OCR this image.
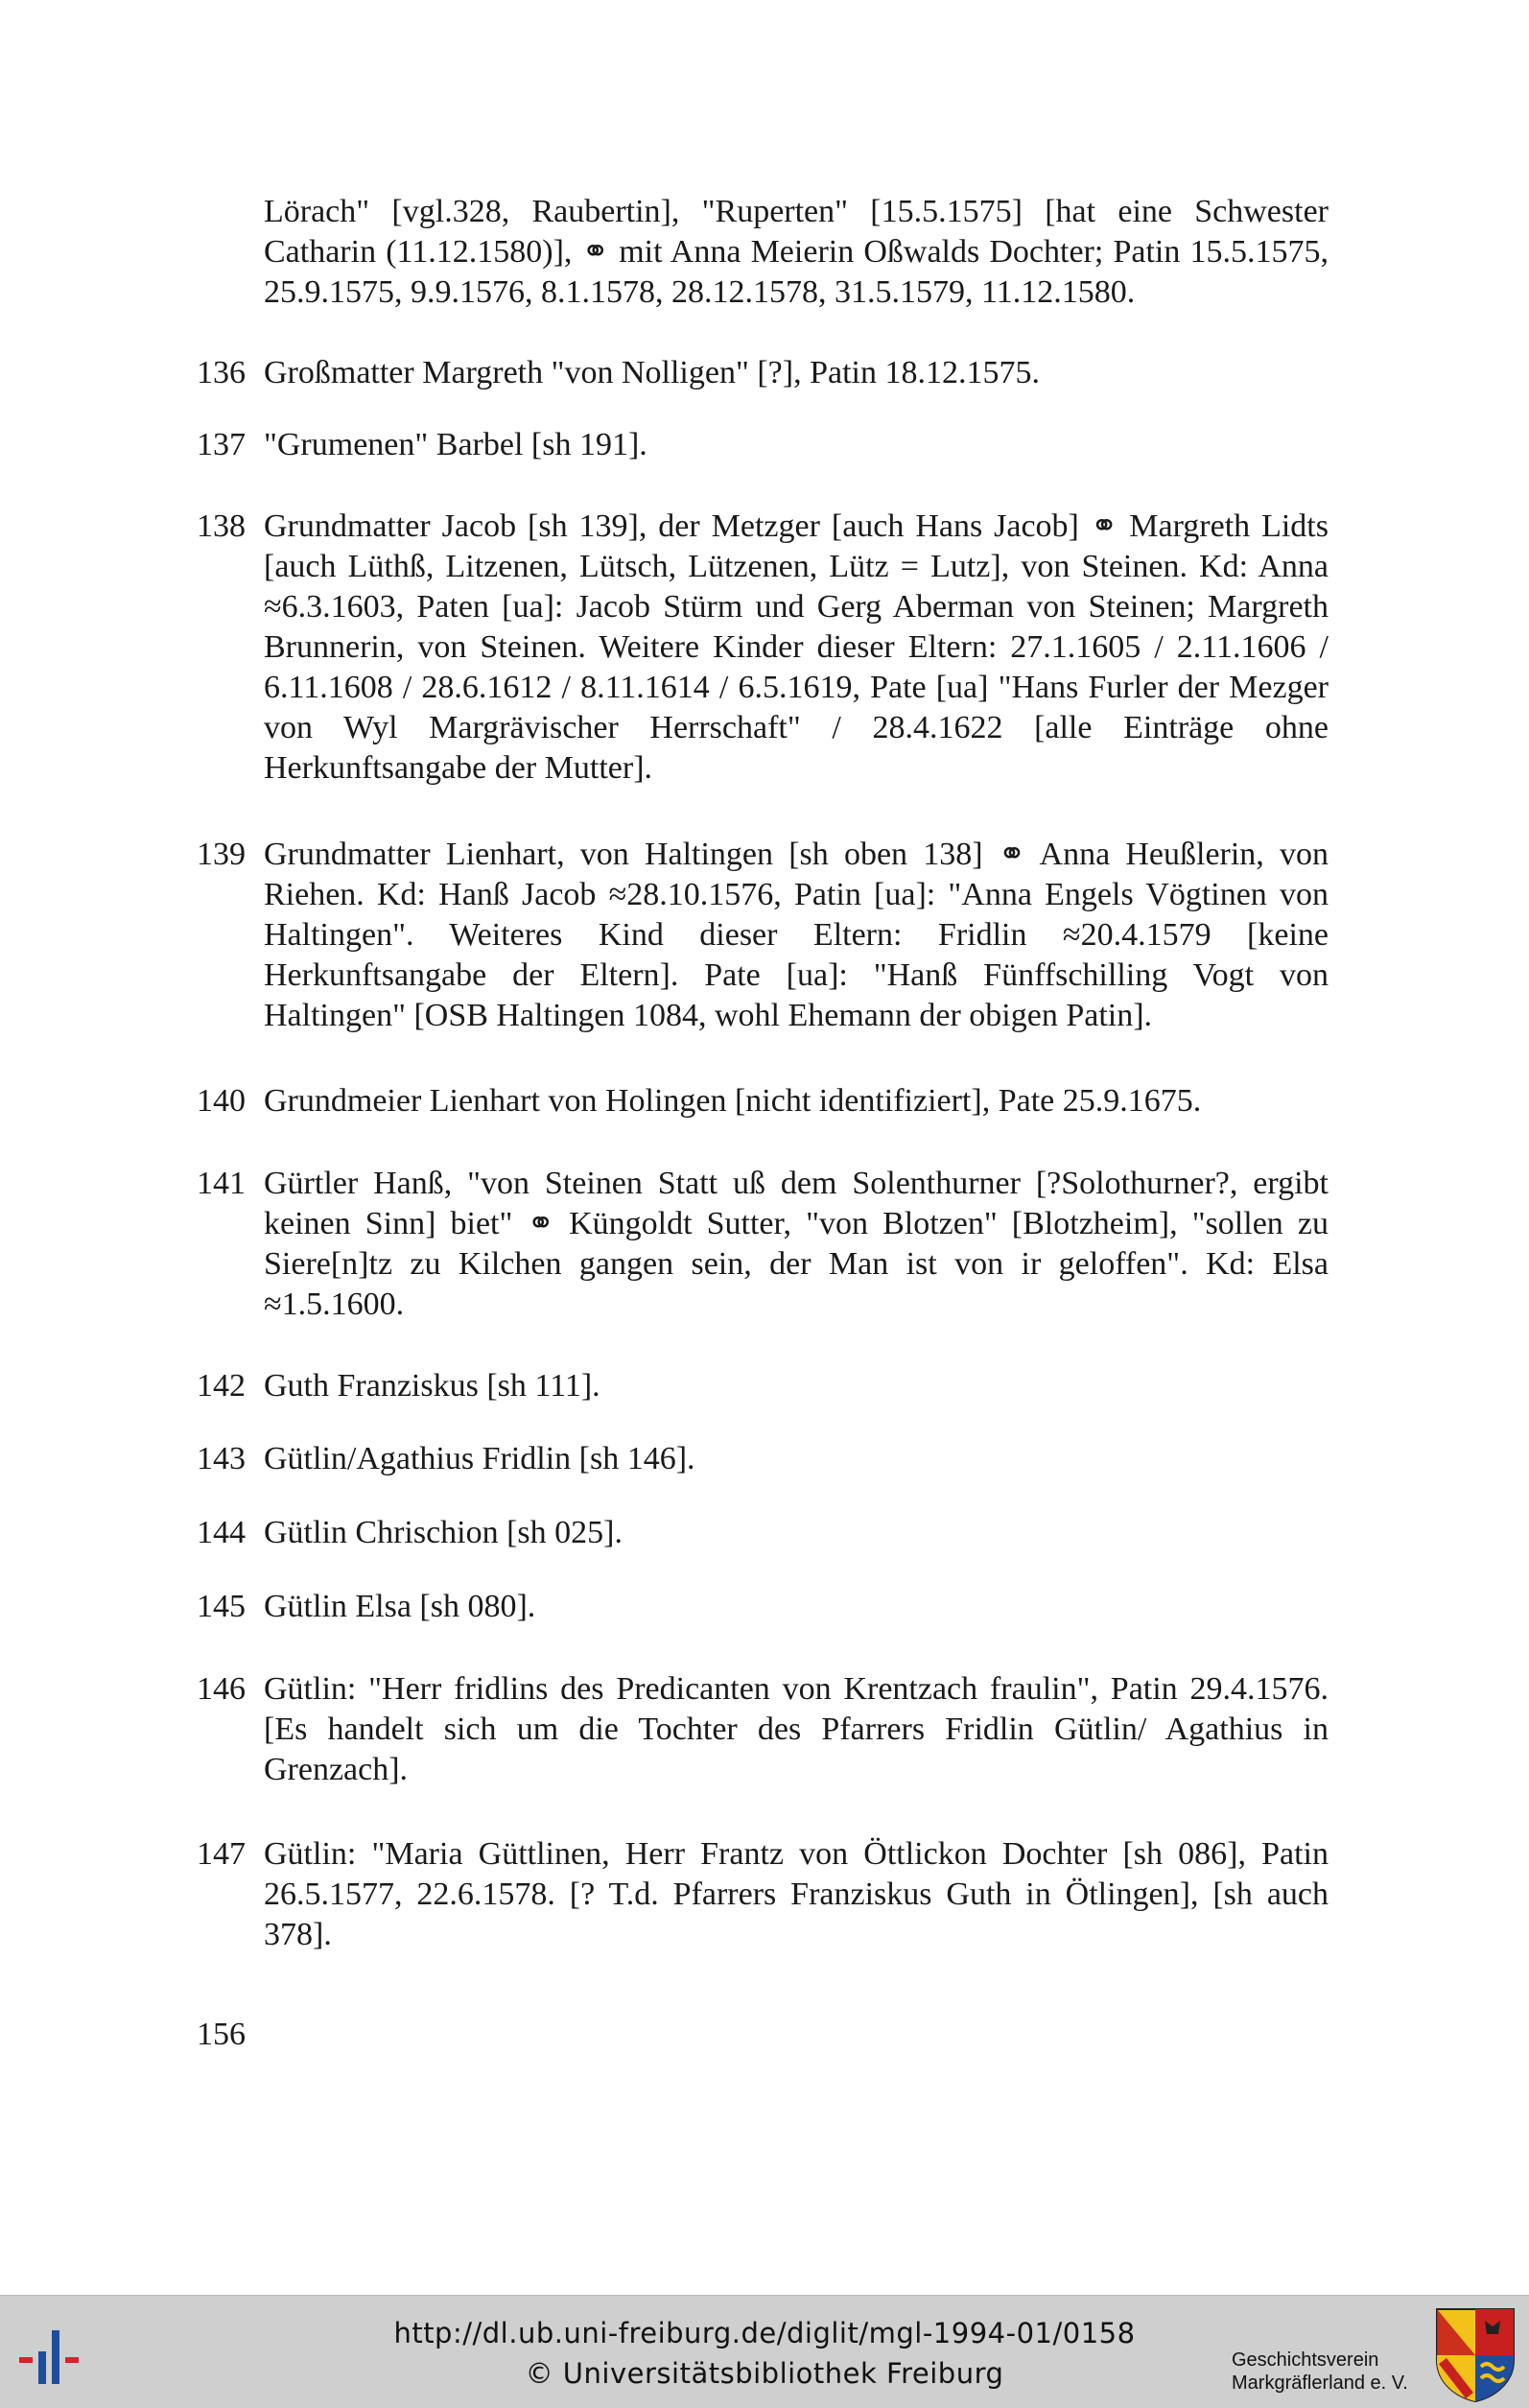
Lörach" [vgl.328, Raubertin], "Ruperten" [15.5.1575] [hat eine Schwester Catharin (11.12.1580)], ⚭ mit Anna Meierin Oßwalds Dochter; Patin 15.5.1575, 25.9.1575, 9.9.1576, 8.1.1578, 28.12.1578, 31.5.1579, 11.12.1580.
136 Großmatter Margreth "von Nolligen" [?], Patin 18.12.1575.
137 "Grumenen" Barbel [sh 191].
138 Grundmatter Jacob [sh 139], der Metzger [auch Hans Jacob] ⚭ Margreth Lidts [auch Lüthß, Litzenen, Lütsch, Lützenen, Lütz = Lutz], von Steinen. Kd: Anna ≈6.3.1603, Paten [ua]: Jacob Stürm und Gerg Aberman von Steinen; Margreth Brunnerin, von Steinen. Weitere Kinder dieser Eltern: 27.1.1605 / 2.11.1606 / 6.11.1608 / 28.6.1612 / 8.11.1614 / 6.5.1619, Pate [ua] "Hans Furler der Mezger von Wyl Margrävischer Herrschaft" / 28.4.1622 [alle Einträge ohne Herkunftsangabe der Mutter].
139 Grundmatter Lienhart, von Haltingen [sh oben 138] ⚭ Anna Heußlerin, von Riehen. Kd: Hanß Jacob ≈28.10.1576, Patin [ua]: "Anna Engels Vögtinen von Haltingen". Weiteres Kind dieser Eltern: Fridlin ≈20.4.1579 [keine Herkunftsangabe der Eltern]. Pate [ua]: "Hanß Fünffschilling Vogt von Haltingen" [OSB Haltingen 1084, wohl Ehemann der obigen Patin].
140 Grundmeier Lienhart von Holingen [nicht identifiziert], Pate 25.9.1675.
141 Gürtler Hanß, "von Steinen Statt uß dem Solenthurner [?Solothurner?, ergibt keinen Sinn] biet" ⚭ Küngoldt Sutter, "von Blotzen" [Blotzheim], "sollen zu Siere[n]tz zu Kilchen gangen sein, der Man ist von ir geloffen". Kd: Elsa ≈1.5.1600.
142 Guth Franziskus [sh 111].
143 Gütlin/Agathius Fridlin [sh 146].
144 Gütlin Chrischion [sh 025].
145 Gütlin Elsa [sh 080].
146 Gütlin: "Herr fridlins des Predicanten von Krentzach fraulin", Patin 29.4.1576. [Es handelt sich um die Tochter des Pfarrers Fridlin Gütlin/ Agathius in Grenzach].
147 Gütlin: "Maria Güttlinen, Herr Frantz von Öttlickon Dochter [sh 086], Patin 26.5.1577, 22.6.1578. [? T.d. Pfarrers Franziskus Guth in Ötlingen], [sh auch 378].
156
http://dl.ub.uni-freiburg.de/diglit/mgl-1994-01/0158
© Universitätsbibliothek Freiburg	Geschichtsverein
Markgräflerland e. V.
